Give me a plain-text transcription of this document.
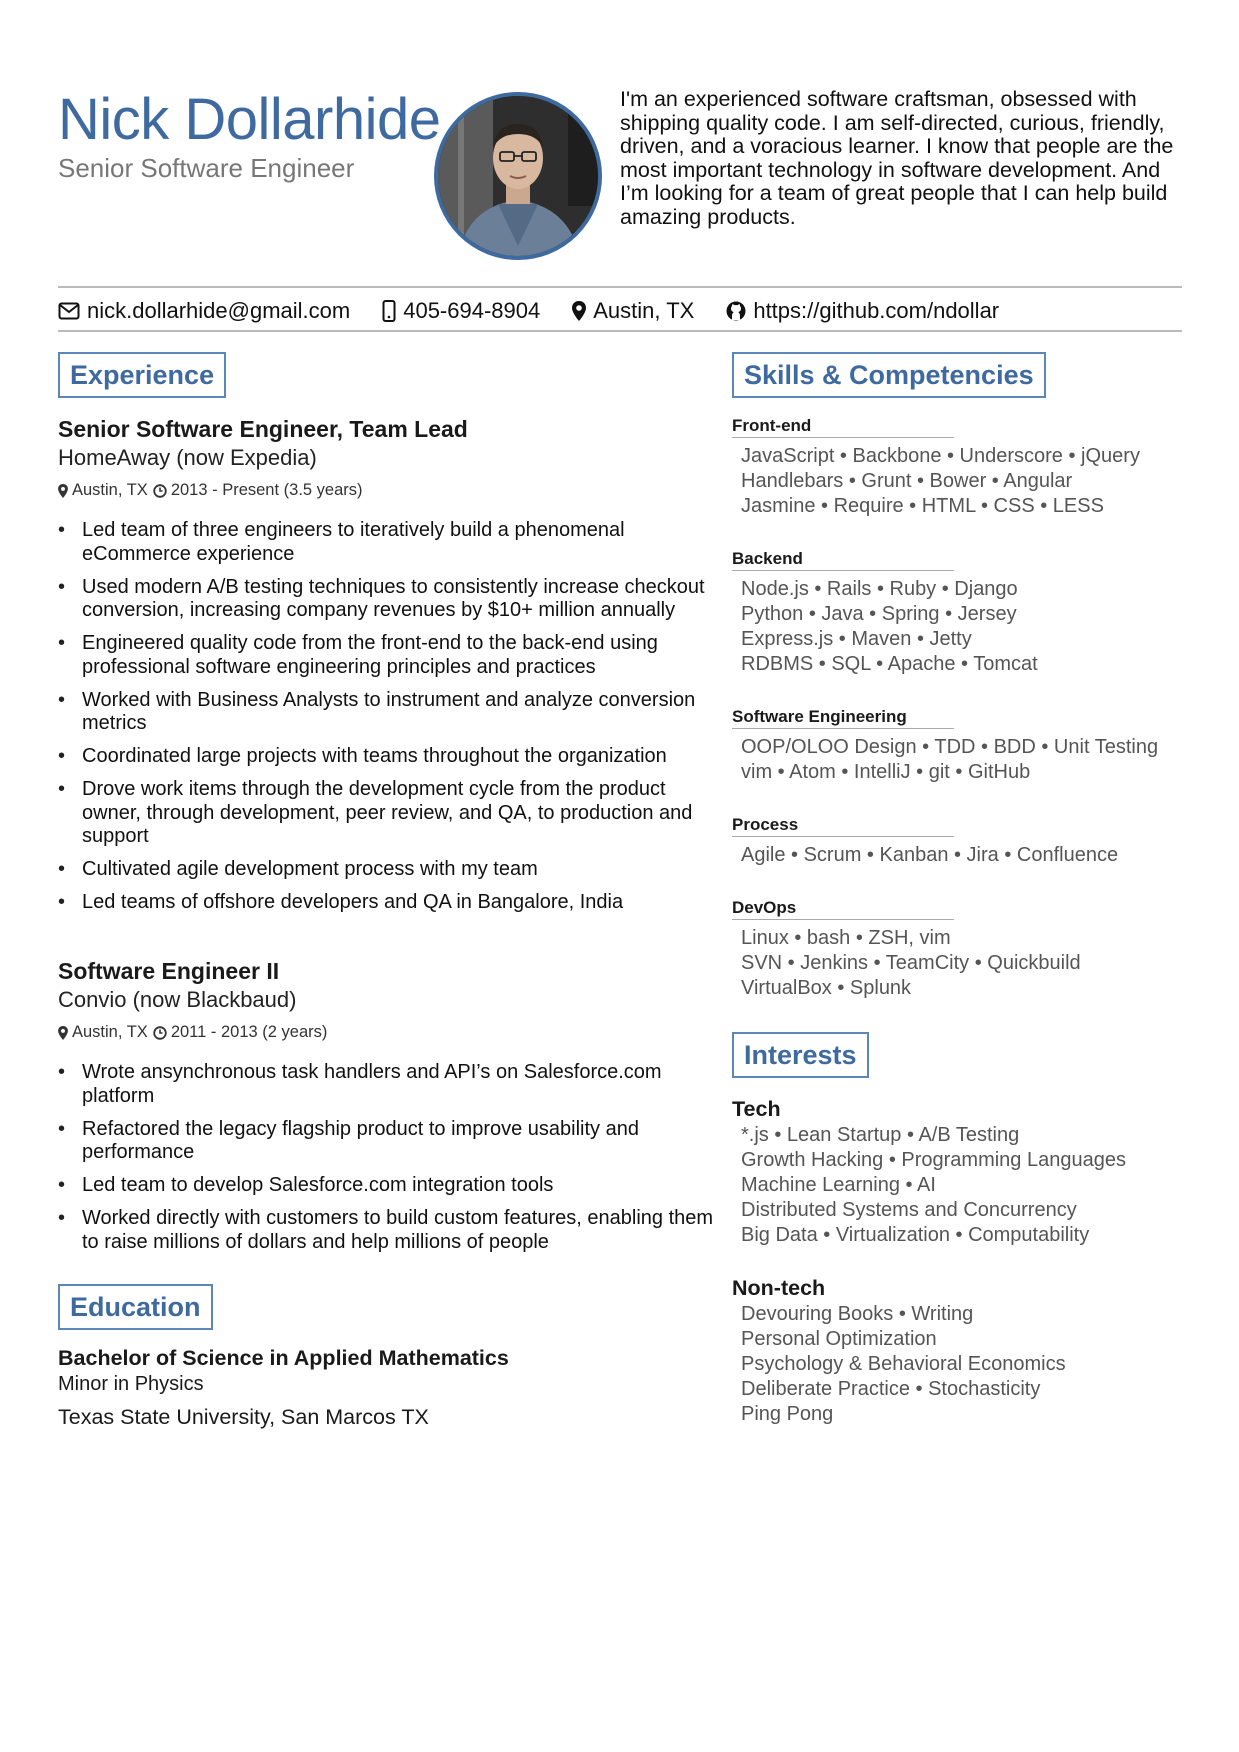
Nick Dollarhide
Senior Software Engineer
I'm an experienced software craftsman, obsessed with shipping quality code. I am self-directed, curious, friendly, driven, and a voracious learner. I know that people are the most important technology in software development. And I’m looking for a team of great people that I can help build amazing products.
nick.dollarhide@gmail.com 405-694-8904 Austin, TX	https://github.com/ndollar
Experience
Senior Software Engineer, Team Lead
HomeAway (now Expedia)
Austin, TX 2013 - Present (3.5 years)
• Led team of three engineers to iteratively build a phenomenal eCommerce experience
• Used modern A/B testing techniques to consistently increase checkout conversion, increasing company revenues by $10+ million annually
• Engineered quality code from the front-end to the back-end using professional software engineering principles and practices
• Worked with Business Analysts to instrument and analyze conversion metrics
• Coordinated large projects with teams throughout the organization
• Drove work items through the development cycle from the product owner, through development, peer review, and QA, to production and support
• Cultivated agile development process with my team
• Led teams of offshore developers and QA in Bangalore, India
Software Engineer II
Convio (now Blackbaud)
Austin, TX 2011 - 2013 (2 years)
• Wrote ansynchronous task handlers and API’s on Salesforce.com platform
• Refactored the legacy flagship product to improve usability and performance
• Led team to develop Salesforce.com integration tools
• Worked directly with customers to build custom features, enabling them to raise millions of dollars and help millions of people
Education
Bachelor of Science in Applied Mathematics
Minor in Physics
Texas State University, San Marcos TX
Skills & Competencies
Front-end
JavaScript • Backbone • Underscore • jQuery
Handlebars • Grunt • Bower • Angular
Jasmine • Require • HTML • CSS • LESS
Backend
Node.js • Rails • Ruby • Django
Python • Java • Spring • Jersey
Express.js • Maven • Jetty
RDBMS • SQL • Apache • Tomcat
Software Engineering
OOP/OLOO Design • TDD • BDD • Unit Testing
vim • Atom • IntelliJ • git • GitHub
Process
Agile • Scrum • Kanban • Jira • Confluence
DevOps
Linux • bash • ZSH, vim
SVN • Jenkins • TeamCity • Quickbuild
VirtualBox • Splunk
Interests
Tech
*.js • Lean Startup • A/B Testing
Growth Hacking • Programming Languages
Machine Learning • AI
Distributed Systems and Concurrency
Big Data • Virtualization • Computability
Non-tech
Devouring Books • Writing
Personal Optimization
Psychology & Behavioral Economics
Deliberate Practice • Stochasticity
Ping Pong
